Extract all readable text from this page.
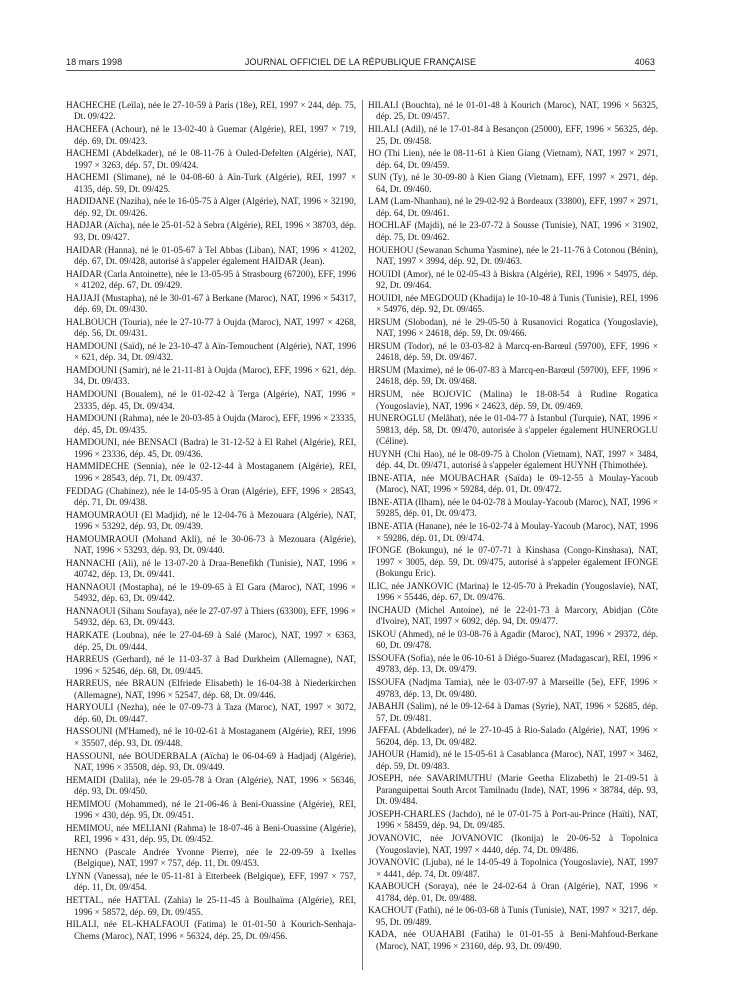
18 mars 1998	JOURNAL OFFICIEL DE LA RÉPUBLIQUE FRANÇAISE	4063

HACHECHE (Leïla), née le 27-10-59 à Paris (18e), REI, 1997 × 244, dép. 75, Dt. 09/422.

HACHEFA (Achour), né le 13-02-40 à Guemar (Algérie), REI, 1997 × 719, dép. 69, Dt. 09/423.

HACHEMI (Abdelkader), né le 08-11-76 à Ouled-Defelten (Algérie), NAT, 1997 × 3263, dép. 57, Dt. 09/424.

HACHEMI (Slimane), né le 04-08-60 à Aïn-Turk (Algérie), REI, 1997 × 4135, dép. 59, Dt. 09/425.

HADIDANE (Naziha), née le 16-05-75 à Alger (Algérie), NAT, 1996 × 32190, dép. 92, Dt. 09/426.

HADJAR (Aïcha), née le 25-01-52 à Sebra (Algérie), REI, 1996 × 38703, dép. 93, Dt. 09/427.

HAIDAR (Hanna), né le 01-05-67 à Tel Abbas (Liban), NAT, 1996 × 41202, dép. 67, Dt. 09/428, autorisé à s'appeler également HAIDAR (Jean).

HAIDAR (Carla Antoinette), née le 13-05-95 à Strasbourg (67200), EFF, 1996 × 41202, dép. 67, Dt. 09/429.

HAJJAJI (Mustapha), né le 30-01-67 à Berkane (Maroc), NAT, 1996 × 54317, dép. 69, Dt. 09/430.

HALBOUCH (Touria), née le 27-10-77 à Oujda (Maroc), NAT, 1997 × 4268, dép. 56, Dt. 09/431.

HAMDOUNI (Saïd), né le 23-10-47 à Aïn-Temouchent (Algérie), NAT, 1996 × 621, dép. 34, Dt. 09/432.

HAMDOUNI (Samir), né le 21-11-81 à Oujda (Maroc), EFF, 1996 × 621, dép. 34, Dt. 09/433.

HAMDOUNI (Boualem), né le 01-02-42 à Terga (Algérie), NAT, 1996 × 23335, dép. 45, Dt. 09/434.

HAMDOUNI (Rahma), née le 20-03-85 à Oujda (Maroc), EFF, 1996 × 23335, dép. 45, Dt. 09/435.

HAMDOUNI, née BENSACI (Badra) le 31-12-52 à El Rahel (Algérie), REI, 1996 × 23336, dép. 45, Dt. 09/436.

HAMMIDECHE (Sennia), née le 02-12-44 à Mostaganem (Algérie), REI, 1996 × 28543, dép. 71, Dt. 09/437.

FEDDAG (Chahinez), née le 14-05-95 à Oran (Algérie), EFF, 1996 × 28543, dép. 71, Dt. 09/438.

HAMOUMRAOUI (El Madjid), né le 12-04-76 à Mezouara (Algérie), NAT, 1996 × 53292, dép. 93, Dt. 09/439.

HAMOUMRAOUI (Mohand Akli), né le 30-06-73 à Mezouara (Algérie), NAT, 1996 × 53293, dép. 93, Dt. 09/440.

HANNACHI (Ali), né le 13-07-20 à Draa-Benefikh (Tunisie), NAT, 1996 × 40742, dép. 13, Dt. 09/441.

HANNAOUI (Mostapha), né le 19-09-65 à El Gara (Maroc), NAT, 1996 × 54932, dép. 63, Dt. 09/442.

HANNAOUI (Sihanı Soufaya), née le 27-07-97 à Thiers (63300), EFF, 1996 × 54932, dép. 63, Dt. 09/443.

HARKATE (Loubna), née le 27-04-69 à Salé (Maroc), NAT, 1997 × 6363, dép. 25, Dt. 09/444.

HARREUS (Gerhard), né le 11-03-37 à Bad Durkheim (Allemagne), NAT, 1996 × 52546, dép. 68, Dt. 09/445.

HARREUS, née BRAUN (Elfriede Elisabeth) le 16-04-38 à Niederkirchen (Allemagne), NAT, 1996 × 52547, dép. 68, Dt. 09/446.

HARYOULI (Nezha), née le 07-09-73 à Taza (Maroc), NAT, 1997 × 3072, dép. 60, Dt. 09/447.

HASSOUNI (M'Hamed), né le 10-02-61 à Mostaganem (Algérie), REI, 1996 × 35507, dép. 93, Dt. 09/448.

HASSOUNI, née BOUDERBALA (Aïcha) le 06-04-69 à Hadjadj (Algérie), NAT, 1996 × 35508, dép. 93, Dt. 09/449.

HEMAIDI (Dalila), née le 29-05-78 à Oran (Algérie), NAT, 1996 × 56346, dép. 93, Dt. 09/450.

HEMIMOU (Mohammed), né le 21-06-46 à Beni-Ouassine (Algérie), REI, 1996 × 430, dép. 95, Dt. 09/451.

HEMIMOU, née MELIANI (Rahma) le 18-07-46 à Beni-Ouassine (Algérie), REI, 1996 × 431, dép. 95, Dt. 09/452.

HENNO (Pascale Andrée Yvonne Pierre), née le 22-09-59 à Ixelles (Belgique), NAT, 1997 × 757, dép. 11, Dt. 09/453.

LYNN (Vanessa), née le 05-11-81 à Etterbeek (Belgique), EFF, 1997 × 757, dép. 11, Dt. 09/454.

HETTAL, née HATTAL (Zahia) le 25-11-45 à Boulhaïma (Algérie), REI, 1996 × 58572, dép. 69, Dt. 09/455.

HILALI, née EL-KHALFAOUI (Fatima) le 01-01-50 à Kourich-Senhaja-Chems (Maroc), NAT, 1996 × 56324, dép. 25, Dt. 09/456.

HILALI (Bouchta), né le 01-01-48 à Kourich (Maroc), NAT, 1996 × 56325, dép. 25, Dt. 09/457.

HILALI (Adil), né le 17-01-84 à Besançon (25000), EFF, 1996 × 56325, dép. 25, Dt. 09/458.

HO (Thi Lien), née le 08-11-61 à Kien Giang (Vietnam), NAT, 1997 × 2971, dép. 64, Dt. 09/459.

SUN (Ty), né le 30-09-80 à Kien Giang (Vietnam), EFF, 1997 × 2971, dép. 64, Dt. 09/460.

LAM (Lam-Nhanhau), né le 29-02-92 à Bordeaux (33800), EFF, 1997 × 2971, dép. 64, Dt. 09/461.

HOCHLAF (Majdi), né le 23-07-72 à Sousse (Tunisie), NAT, 1996 × 31902, dép. 75, Dt. 09/462.

HOUEHOU (Sewanan Schuma Yasmine), née le 21-11-76 à Cotonou (Bénin), NAT, 1997 × 3994, dép. 92, Dt. 09/463.

HOUIDI (Amor), né le 02-05-43 à Biskra (Algérie), REI, 1996 × 54975, dép. 92, Dt. 09/464.

HOUIDI, née MEGDOUD (Khadija) le 10-10-48 à Tunis (Tunisie), REI, 1996 × 54976, dép. 92, Dt. 09/465.

HRSUM (Slobodan), né le 29-05-50 à Rusanovici Rogatica (Yougoslavie), NAT, 1996 × 24618, dép. 59, Dt. 09/466.

HRSUM (Todor), né le 03-03-82 à Marcq-en-Barœul (59700), EFF, 1996 × 24618, dép. 59, Dt. 09/467.

HRSUM (Maxime), né le 06-07-83 à Marcq-en-Barœul (59700), EFF, 1996 × 24618, dép. 59, Dt. 09/468.

HRSUM, née BOJOVIC (Malina) le 18-08-54 à Rudine Rogatica (Yougoslavie), NAT, 1996 × 24623, dép. 59, Dt. 09/469.

HUNEROGLU (Melâhat), née le 01-04-77 à Istanbul (Turquie), NAT, 1996 × 59813, dép. 58, Dt. 09/470, autorisée à s'appeler également HUNEROGLU (Céline).

HUYNH (Chi Hao), né le 08-09-75 à Cholon (Vietnam), NAT, 1997 × 3484, dép. 44, Dt. 09/471, autorisé à s'appeler également HUYNH (Thimothée).

IBNE-ATIA, née MOUBACHAR (Saïda) le 09-12-55 à Moulay-Yacoub (Maroc), NAT, 1996 × 59284, dép. 01, Dt. 09/472.

IBNE-ATIA (Ilham), née le 04-02-78 à Moulay-Yacoub (Maroc), NAT, 1996 × 59285, dép. 01, Dt. 09/473.

IBNE-ATIA (Hanane), née le 16-02-74 à Moulay-Yacoub (Maroc), NAT, 1996 × 59286, dép. 01, Dt. 09/474.

IFONGE (Bokungu), né le 07-07-71 à Kinshasa (Congo-Kinshasa), NAT, 1997 × 3005, dép. 59, Dt. 09/475, autorisé à s'appeler également IFONGE (Bokungu Eric).

ILIC, née JANKOVIC (Marina) le 12-05-70 à Prekadin (Yougoslavie), NAT, 1996 × 55446, dép. 67, Dt. 09/476.

INCHAUD (Michel Antoine), né le 22-01-73 à Marcory, Abidjan (Côte d'Ivoire), NAT, 1997 × 6092, dép. 94, Dt. 09/477.

ISKOU (Ahmed), né le 03-08-76 à Agadir (Maroc), NAT, 1996 × 29372, dép. 60, Dt. 09/478.

ISSOUFA (Sofia), née le 06-10-61 à Diégo-Suarez (Madagascar), REI, 1996 × 49783, dép. 13, Dt. 09/479.

ISSOUFA (Nadjma Tamia), née le 03-07-97 à Marseille (5e), EFF, 1996 × 49783, dép. 13, Dt. 09/480.

JABAHJI (Salim), né le 09-12-64 à Damas (Syrie), NAT, 1996 × 52685, dép. 57, Dt. 09/481.

JAFFAL (Abdelkader), né le 27-10-45 à Rio-Salado (Algérie), NAT, 1996 × 56204, dép. 13, Dt. 09/482.

JAHOUR (Hamid), né le 15-05-61 à Casablanca (Maroc), NAT, 1997 × 3462, dép. 59, Dt. 09/483.

JOSEPH, née SAVARIMUTHU (Marie Geetha Elizabeth) le 21-09-51 à Paranguipettai South Arcot Tamilnadu (Inde), NAT, 1996 × 38784, dép. 93, Dt. 09/484.

JOSEPH-CHARLES (Jachdo), né le 07-01-75 à Port-au-Prince (Haïti), NAT, 1996 × 58459, dép. 94, Dt. 09/485.

JOVANOVIC, née JOVANOVIC (Ikonija) le 20-06-52 à Topolnica (Yougoslavie), NAT, 1997 × 4440, dép. 74, Dt. 09/486.

JOVANOVIC (Ljuba), né le 14-05-49 à Topolnica (Yougoslavie), NAT, 1997 × 4441, dép. 74, Dt. 09/487.

KAABOUCH (Soraya), née le 24-02-64 à Oran (Algérie), NAT, 1996 × 41784, dép. 01, Dt. 09/488.

KACHOUT (Fathi), né le 06-03-68 à Tunis (Tunisie), NAT, 1997 × 3217, dép. 95, Dt. 09/489.

KADA, née OUAHABI (Fatiha) le 01-01-55 à Beni-Mahfoud-Berkane (Maroc), NAT, 1996 × 23160, dép. 93, Dt. 09/490.
